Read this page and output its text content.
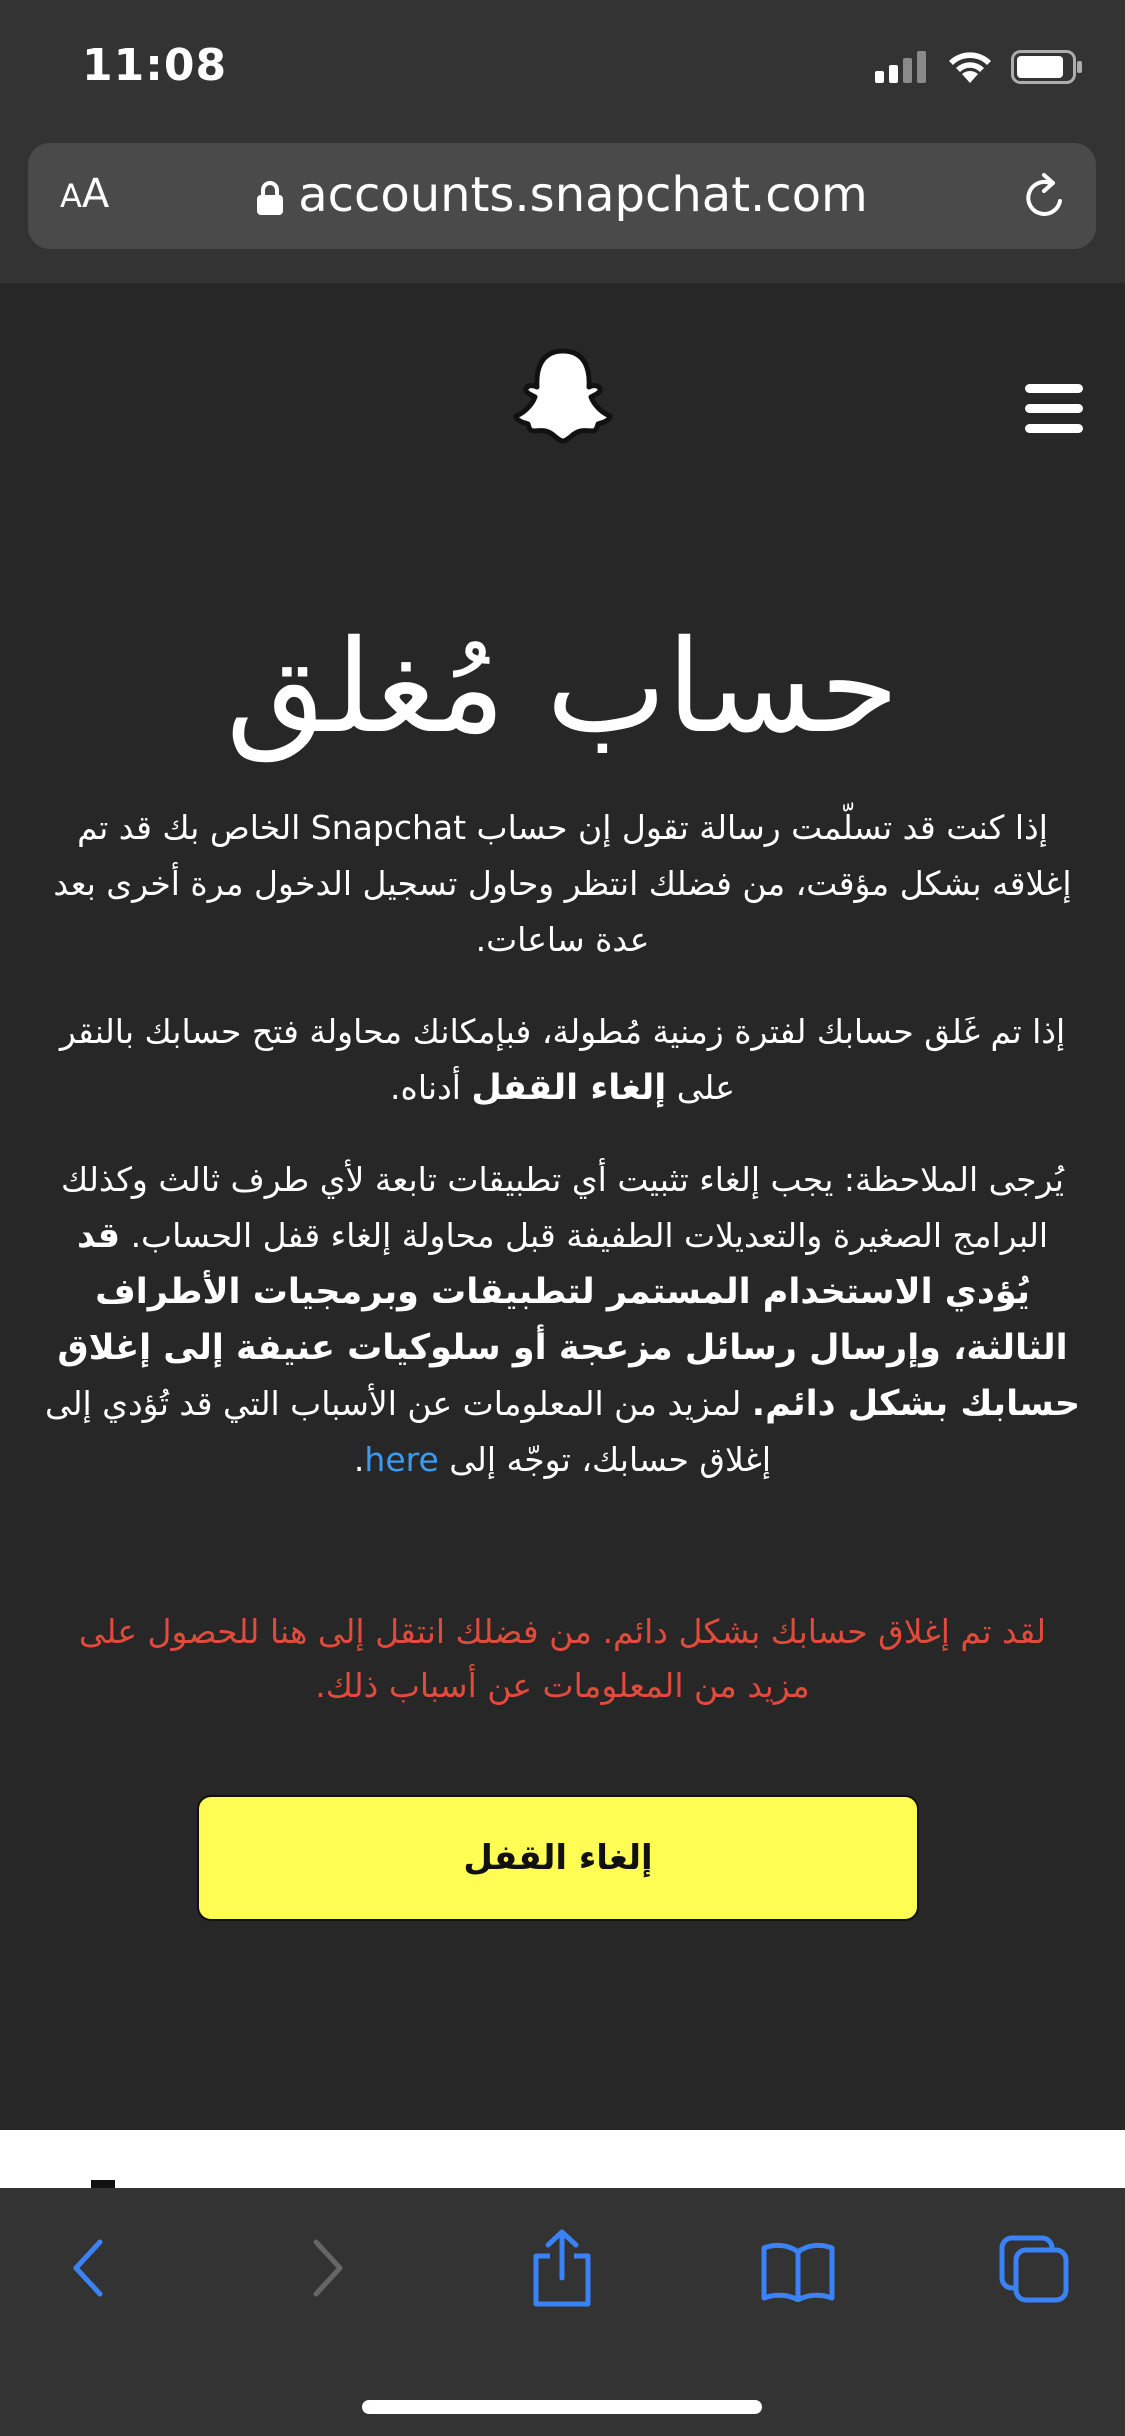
11:08
AA	accounts.snapchat.com
حساب مُغلق

إذا كنت قد تسلّمت رسالة تقول إن حساب Snapchat الخاص بك قد تم إغلاقه بشكل مؤقت، من فضلك انتظر وحاول تسجيل الدخول مرة أخرى بعد عدة ساعات.

إذا تم غَلق حسابك لفترة زمنية مُطولة، فبإمكانك محاولة فتح حسابك بالنقر على إلغاء القفل أدناه.

يُرجى الملاحظة: يجب إلغاء تثبيت أي تطبيقات تابعة لأي طرف ثالث وكذلك البرامج الصغيرة والتعديلات الطفيفة قبل محاولة إلغاء قفل الحساب. قد يُؤدي الاستخدام المستمر لتطبيقات وبرمجيات الأطراف الثالثة، وإرسال رسائل مزعجة أو سلوكيات عنيفة إلى إغلاق حسابك بشكل دائم. لمزيد من المعلومات عن الأسباب التي قد تُؤدي إلى إغلاق حسابك، توجّه إلى here.

لقد تم إغلاق حسابك بشكل دائم. من فضلك انتقل إلى هنا للحصول على مزيد من المعلومات عن أسباب ذلك.
إلغاء القفل
